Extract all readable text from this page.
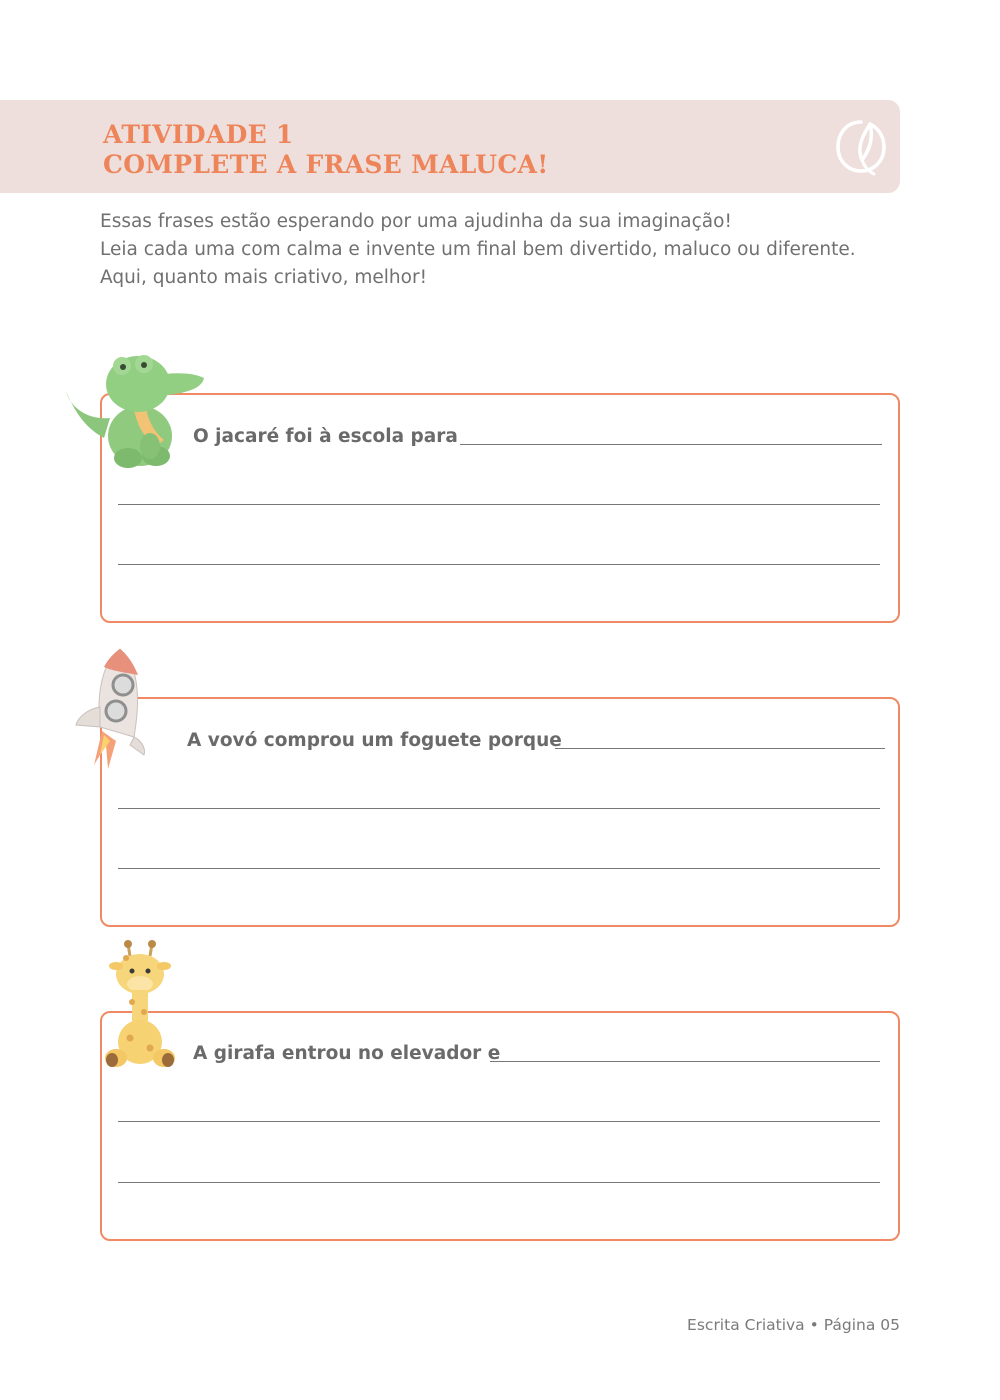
ATIVIDADE 1
COMPLETE A FRASE MALUCA!
Essas frases estão esperando por uma ajudinha da sua imaginação!
Leia cada uma com calma e invente um final bem divertido, maluco ou diferente.
Aqui, quanto mais criativo, melhor!
O jacaré foi à escola para
A vovó comprou um foguete porque
A girafa entrou no elevador e
Escrita Criativa • Página 05
